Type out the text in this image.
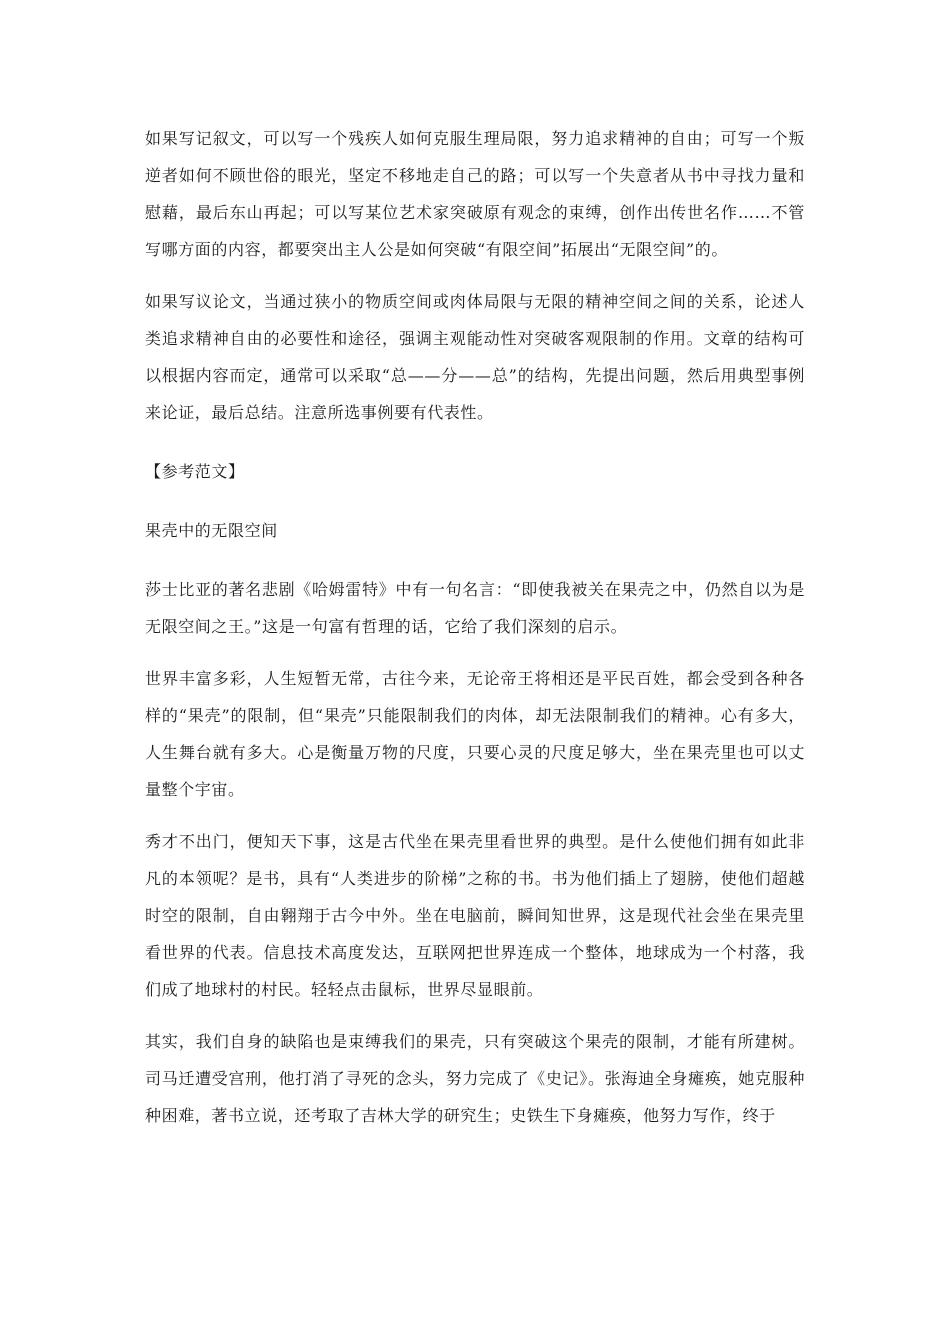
如果写记叙文，可以写一个残疾人如何克服生理局限，努力追求精神的自由；可写一个叛逆者如何不顾世俗的眼光，坚定不移地走自己的路；可以写一个失意者从书中寻找力量和慰藉，最后东山再起；可以写某位艺术家突破原有观念的束缚，创作出传世名作……不管写哪方面的内容，都要突出主人公是如何突破“有限空间”拓展出“无限空间”的。

如果写议论文，当通过狭小的物质空间或肉体局限与无限的精神空间之间的关系，论述人类追求精神自由的必要性和途径，强调主观能动性对突破客观限制的作用。文章的结构可以根据内容而定，通常可以采取“总——分——总”的结构，先提出问题，然后用典型事例来论证，最后总结。注意所选事例要有代表性。

【参考范文】

果壳中的无限空间

莎士比亚的著名悲剧《哈姆雷特》中有一句名言：“即使我被关在果壳之中，仍然自以为是无限空间之王。”这是一句富有哲理的话，它给了我们深刻的启示。

世界丰富多彩，人生短暂无常，古往今来，无论帝王将相还是平民百姓，都会受到各种各样的“果壳”的限制，但“果壳”只能限制我们的肉体，却无法限制我们的精神。心有多大，人生舞台就有多大。心是衡量万物的尺度，只要心灵的尺度足够大，坐在果壳里也可以丈量整个宇宙。

秀才不出门，便知天下事，这是古代坐在果壳里看世界的典型。是什么使他们拥有如此非凡的本领呢？是书，具有“人类进步的阶梯”之称的书。书为他们插上了翅膀，使他们超越时空的限制，自由翱翔于古今中外。坐在电脑前，瞬间知世界，这是现代社会坐在果壳里看世界的代表。信息技术高度发达，互联网把世界连成一个整体，地球成为一个村落，我们成了地球村的村民。轻轻点击鼠标，世界尽显眼前。

其实，我们自身的缺陷也是束缚我们的果壳，只有突破这个果壳的限制，才能有所建树。司马迁遭受宫刑，他打消了寻死的念头，努力完成了《史记》。张海迪全身瘫痪，她克服种种困难，著书立说，还考取了吉林大学的研究生；史铁生下身瘫痪，他努力写作，终于
